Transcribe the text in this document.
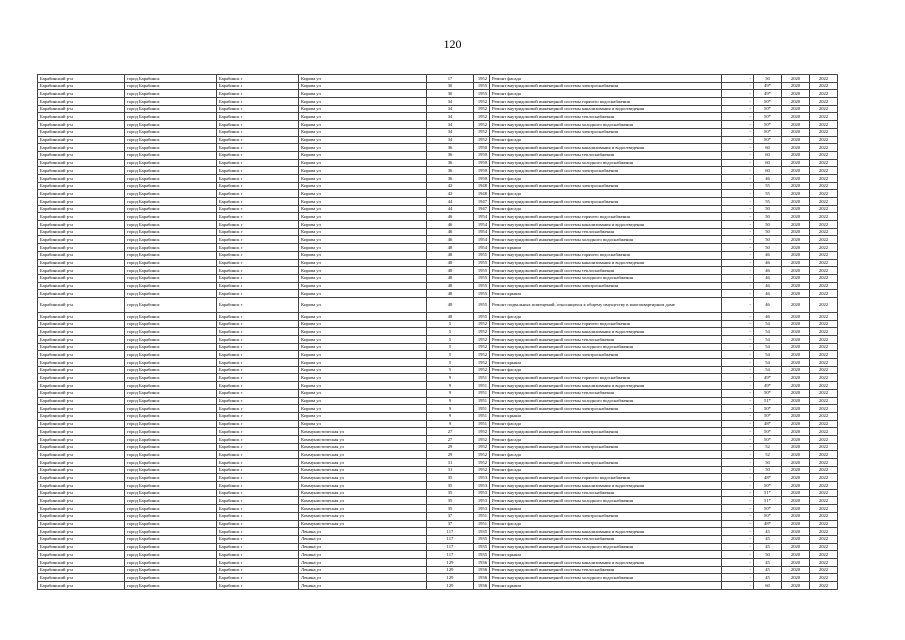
120
Барабинский р-н	город Барабинск	Барабинск г	Кирова ул	17	1952	Ремонт фасада	-	50	2020	2022
Барабинский р-н	город Барабинск	Барабинск г	Кирова ул	30	1955	Ремонт внутридомовой инженерной системы электроснабжения	-	49*	2020	2022
Барабинский р-н	город Барабинск	Барабинск г	Кирова ул	30	1955	Ремонт фасада	-	49*	2020	2022
Барабинский р-н	город Барабинск	Барабинск г	Кирова ул	34	1952	Ремонт внутридомовой инженерной системы горячего водоснабжения	-	50*	2020	2022
Барабинский р-н	город Барабинск	Барабинск г	Кирова ул	34	1952	Ремонт внутридомовой инженерной системы канализования и водоотведения	-	50*	2020	2022
Барабинский р-н	город Барабинск	Барабинск г	Кирова ул	34	1952	Ремонт внутридомовой инженерной системы теплоснабжения	-	50*	2020	2022
Барабинский р-н	город Барабинск	Барабинск г	Кирова ул	34	1952	Ремонт внутридомовой инженерной системы холодного водоснабжения	-	50*	2020	2022
Барабинский р-н	город Барабинск	Барабинск г	Кирова ул	34	1952	Ремонт внутридомовой инженерной системы электроснабжения	-	50*	2020	2022
Барабинский р-н	город Барабинск	Барабинск г	Кирова ул	34	1952	Ремонт фасада	-	50*	2020	2022
Барабинский р-н	город Барабинск	Барабинск г	Кирова ул	36	1950	Ремонт внутридомовой инженерной системы канализования и водоотведения	-	60	2020	2022
Барабинский р-н	город Барабинск	Барабинск г	Кирова ул	36	1950	Ремонт внутридомовой инженерной системы теплоснабжения	-	60	2020	2022
Барабинский р-н	город Барабинск	Барабинск г	Кирова ул	36	1950	Ремонт внутридомовой инженерной системы холодного водоснабжения	-	60	2020	2022
Барабинский р-н	город Барабинск	Барабинск г	Кирова ул	36	1950	Ремонт внутридомовой инженерной системы электроснабжения	-	60	2020	2022
Барабинский р-н	город Барабинск	Барабинск г	Кирова ул	36	1950	Ремонт фасада	-	46	2020	2022
Барабинский р-н	город Барабинск	Барабинск г	Кирова ул	42	1948	Ремонт внутридомовой инженерной системы электроснабжения	-	55	2020	2022
Барабинский р-н	город Барабинск	Барабинск г	Кирова ул	42	1948	Ремонт фасада	-	55	2020	2022
Барабинский р-н	город Барабинск	Барабинск г	Кирова ул	44	1947	Ремонт внутридомовой инженерной системы электроснабжения	-	55	2020	2022
Барабинский р-н	город Барабинск	Барабинск г	Кирова ул	44	1947	Ремонт фасада	-	50	2020	2022
Барабинский р-н	город Барабинск	Барабинск г	Кирова ул	46	1954	Ремонт внутридомовой инженерной системы горячего водоснабжения	-	50	2020	2022
Барабинский р-н	город Барабинск	Барабинск г	Кирова ул	46	1954	Ремонт внутридомовой инженерной системы канализования и водоотведения	-	50	2020	2022
Барабинский р-н	город Барабинск	Барабинск г	Кирова ул	46	1954	Ремонт внутридомовой инженерной системы теплоснабжения	-	50	2020	2022
Барабинский р-н	город Барабинск	Барабинск г	Кирова ул	46	1954	Ремонт внутридомовой инженерной системы холодного водоснабжения	-	50	2020	2022
Барабинский р-н	город Барабинск	Барабинск г	Кирова ул	48	1954	Ремонт крыши	-	50	2020	2022
Барабинский р-н	город Барабинск	Барабинск г	Кирова ул	48	1955	Ремонт внутридомовой инженерной системы горячего водоснабжения	-	46	2020	2022
Барабинский р-н	город Барабинск	Барабинск г	Кирова ул	48	1955	Ремонт внутридомовой инженерной системы канализования и водоотведения	-	46	2020	2022
Барабинский р-н	город Барабинск	Барабинск г	Кирова ул	48	1955	Ремонт внутридомовой инженерной системы теплоснабжения	-	46	2020	2022
Барабинский р-н	город Барабинск	Барабинск г	Кирова ул	48	1955	Ремонт внутридомовой инженерной системы холодного водоснабжения	-	46	2020	2022
Барабинский р-н	город Барабинск	Барабинск г	Кирова ул	48	1955	Ремонт внутридомовой инженерной системы электроснабжения	-	46	2020	2022
Барабинский р-н	город Барабинск	Барабинск г	Кирова ул	48	1955	Ремонт крыши	-	46	2020	2022
Барабинский р-н	город Барабинск	Барабинск г	Кирова ул	48	1955	Ремонт подвальных помещений, относящихся к общему имуществу в многоквартирном доме	-	46	2020	2022
Барабинский р-н	город Барабинск	Барабинск г	Кирова ул	48	1955	Ремонт фасада	-	46	2020	2022
Барабинский р-н	город Барабинск	Барабинск г	Кирова ул	5	1952	Ремонт внутридомовой инженерной системы горячего водоснабжения	-	54	2020	2022
Барабинский р-н	город Барабинск	Барабинск г	Кирова ул	5	1952	Ремонт внутридомовой инженерной системы канализования и водоотведения	-	54	2020	2022
Барабинский р-н	город Барабинск	Барабинск г	Кирова ул	5	1952	Ремонт внутридомовой инженерной системы теплоснабжения	-	54	2020	2022
Барабинский р-н	город Барабинск	Барабинск г	Кирова ул	5	1952	Ремонт внутридомовой инженерной системы холодного водоснабжения	-	54	2020	2022
Барабинский р-н	город Барабинск	Барабинск г	Кирова ул	5	1952	Ремонт внутридомовой инженерной системы электроснабжения	-	54	2020	2022
Барабинский р-н	город Барабинск	Барабинск г	Кирова ул	5	1952	Ремонт крыши	-	54	2020	2022
Барабинский р-н	город Барабинск	Барабинск г	Кирова ул	5	1952	Ремонт фасада	-	54	2020	2022
Барабинский р-н	город Барабинск	Барабинск г	Кирова ул	9	1951	Ремонт внутридомовой инженерной системы горячего водоснабжения	-	49*	2020	2022
Барабинский р-н	город Барабинск	Барабинск г	Кирова ул	9	1951	Ремонт внутридомовой инженерной системы канализования и водоотведения	-	49*	2020	2022
Барабинский р-н	город Барабинск	Барабинск г	Кирова ул	9	1951	Ремонт внутридомовой инженерной системы теплоснабжения	-	50*	2020	2022
Барабинский р-н	город Барабинск	Барабинск г	Кирова ул	9	1951	Ремонт внутридомовой инженерной системы холодного водоснабжения	-	51*	2020	2022
Барабинский р-н	город Барабинск	Барабинск г	Кирова ул	9	1951	Ремонт внутридомовой инженерной системы электроснабжения	-	50*	2020	2022
Барабинский р-н	город Барабинск	Барабинск г	Кирова ул	9	1951	Ремонт крыши	-	50*	2020	2022
Барабинский р-н	город Барабинск	Барабинск г	Кирова ул	9	1951	Ремонт фасада	-	48*	2020	2022
Барабинский р-н	город Барабинск	Барабинск г	Коммунистическая ул	27	1952	Ремонт внутридомовой инженерной системы электроснабжения	-	50*	2020	2022
Барабинский р-н	город Барабинск	Барабинск г	Коммунистическая ул	27	1952	Ремонт фасада	-	50*	2020	2022
Барабинский р-н	город Барабинск	Барабинск г	Коммунистическая ул	29	1952	Ремонт внутридомовой инженерной системы электроснабжения	-	52	2020	2022
Барабинский р-н	город Барабинск	Барабинск г	Коммунистическая ул	29	1952	Ремонт фасада	-	52	2020	2022
Барабинский р-н	город Барабинск	Барабинск г	Коммунистическая ул	31	1952	Ремонт внутридомовой инженерной системы электроснабжения	-	50	2020	2022
Барабинский р-н	город Барабинск	Барабинск г	Коммунистическая ул	31	1952	Ремонт фасада	-	50	2020	2022
Барабинский р-н	город Барабинск	Барабинск г	Коммунистическая ул	35	1953	Ремонт внутридомовой инженерной системы горячего водоснабжения	-	48*	2020	2022
Барабинский р-н	город Барабинск	Барабинск г	Коммунистическая ул	35	1953	Ремонт внутридомовой инженерной системы канализования и водоотведения	-	50*	2020	2022
Барабинский р-н	город Барабинск	Барабинск г	Коммунистическая ул	35	1953	Ремонт внутридомовой инженерной системы теплоснабжения	-	51*	2020	2022
Барабинский р-н	город Барабинск	Барабинск г	Коммунистическая ул	35	1953	Ремонт внутридомовой инженерной системы холодного водоснабжения	-	51*	2020	2022
Барабинский р-н	город Барабинск	Барабинск г	Коммунистическая ул	35	1953	Ремонт крыши	-	50*	2020	2022
Барабинский р-н	город Барабинск	Барабинск г	Коммунистическая ул	37	1951	Ремонт внутридомовой инженерной системы электроснабжения	-	50*	2020	2022
Барабинский р-н	город Барабинск	Барабинск г	Коммунистическая ул	37	1951	Ремонт фасада	-	48*	2020	2022
Барабинский р-н	город Барабинск	Барабинск г	Ленина ул	117	1935	Ремонт внутридомовой инженерной системы канализования и водоотведения	-	45	2020	2022
Барабинский р-н	город Барабинск	Барабинск г	Ленина ул	117	1935	Ремонт внутридомовой инженерной системы теплоснабжения	-	45	2020	2022
Барабинский р-н	город Барабинск	Барабинск г	Ленина ул	117	1935	Ремонт внутридомовой инженерной системы холодного водоснабжения	-	45	2020	2022
Барабинский р-н	город Барабинск	Барабинск г	Ленина ул	117	1935	Ремонт крыши	-	50	2020	2022
Барабинский р-н	город Барабинск	Барабинск г	Ленина ул	129	1936	Ремонт внутридомовой инженерной системы канализования и водоотведения	-	45	2020	2022
Барабинский р-н	город Барабинск	Барабинск г	Ленина ул	129	1936	Ремонт внутридомовой инженерной системы теплоснабжения	-	45	2020	2022
Барабинский р-н	город Барабинск	Барабинск г	Ленина ул	129	1936	Ремонт внутридомовой инженерной системы холодного водоснабжения	-	45	2020	2022
Барабинский р-н	город Барабинск	Барабинск г	Ленина ул	129	1936	Ремонт крыши	-	60	2020	2022
